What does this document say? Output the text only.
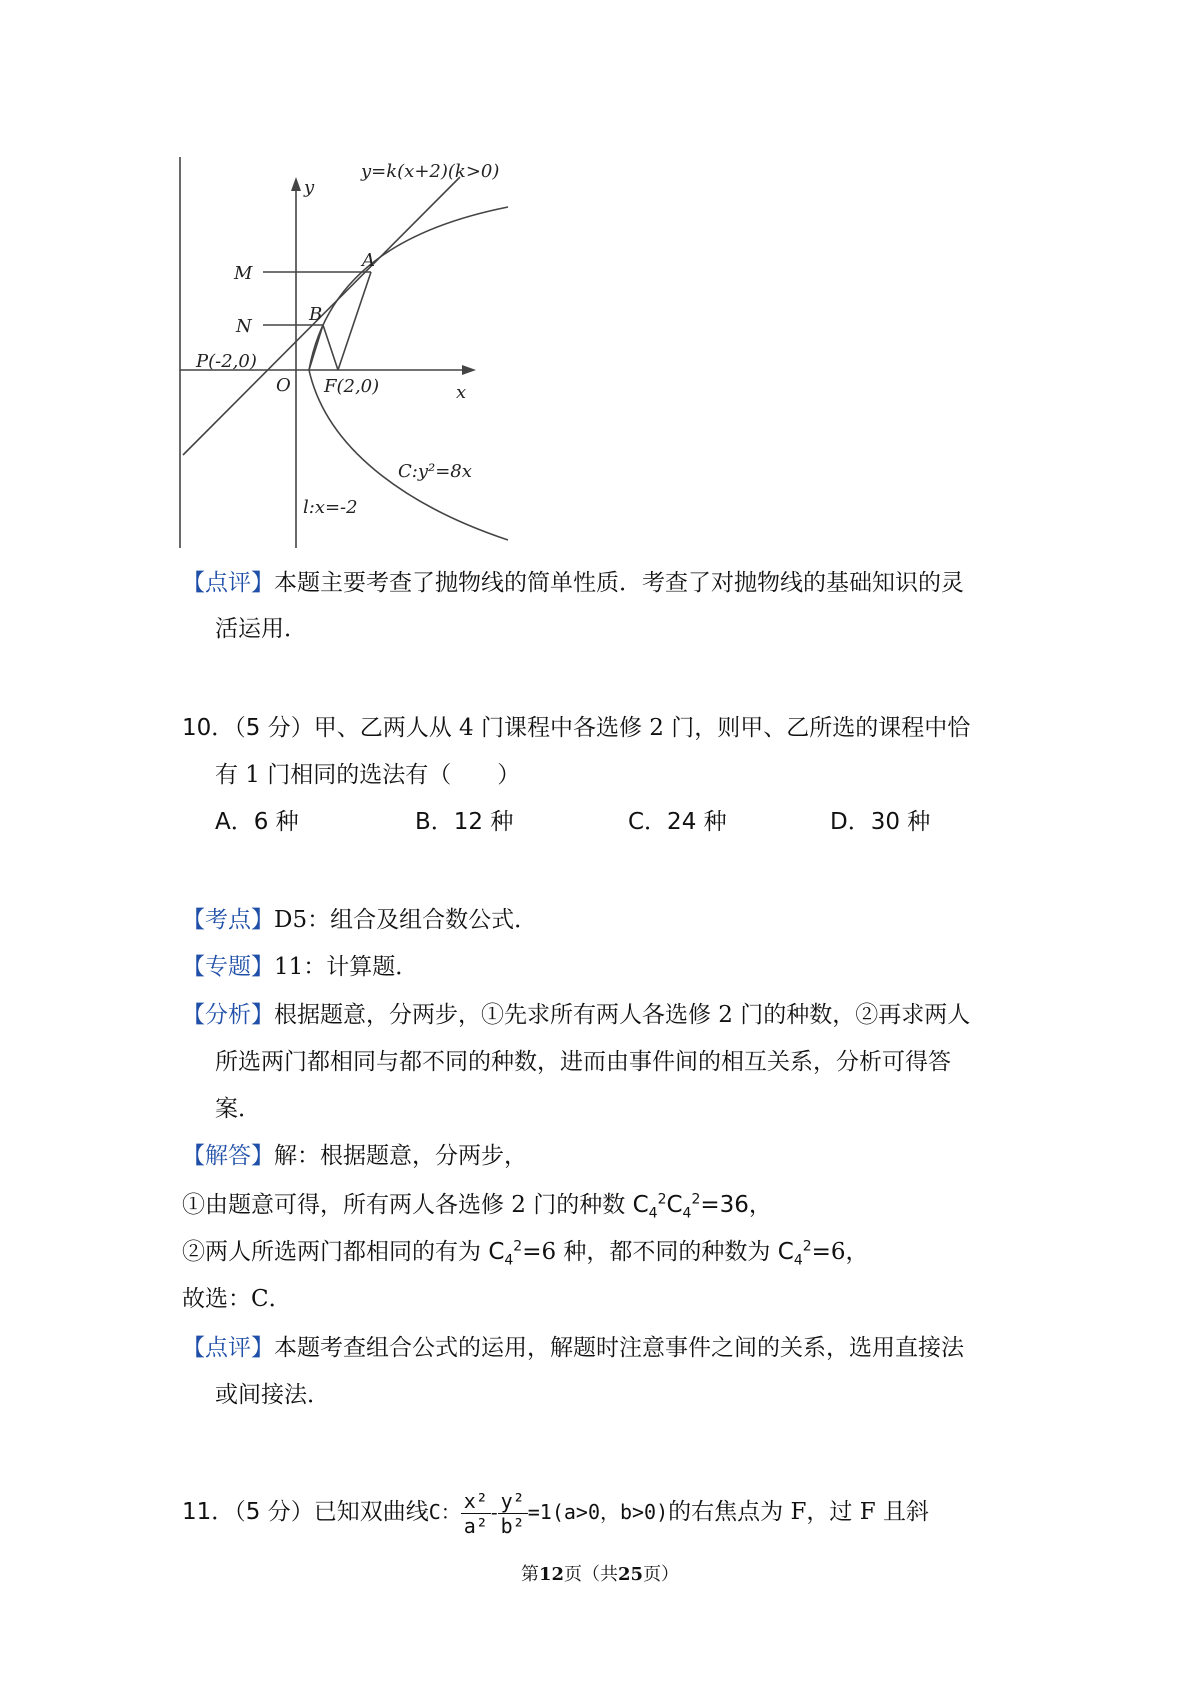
y=k(x+2)(k>0)
y
x
M
N
A
B
P(-2,0)
O F(2,0)
C:y²=8x
l:x=-2
【点评】本题主要考查了抛物线的简单性质．考查了对抛物线的基础知识的灵
活运用．
10．（5 分）甲、乙两人从 4 门课程中各选修 2 门，则甲、乙所选的课程中恰
有 1 门相同的选法有（　　）
A．6 种	B．12 种	C．24 种	D．30 种
【考点】D5：组合及组合数公式．
【专题】11：计算题．
【分析】根据题意，分两步，①先求所有两人各选修 2 门的种数，②再求两人
所选两门都相同与都不同的种数，进而由事件间的相互关系，分析可得答
案．
【解答】解：根据题意，分两步，
①由题意可得，所有两人各选修 2 门的种数 $C_4^2C_4^2=36$，
②两人所选两门都相同的有为 $C_4^2=6$ 种，都不同的种数为 $C_4^2=6$，
故选：C．
【点评】本题考查组合公式的运用，解题时注意事件之间的关系，选用直接法
或间接法．
11．（5 分）已知双曲线C： $\frac{\text{x²}}{\text{a²}} - \frac{\text{y²}}{\text{b²}} =1(a>0$，b>0)的右焦点为 F，过 F 且斜
第12页（共25页）
